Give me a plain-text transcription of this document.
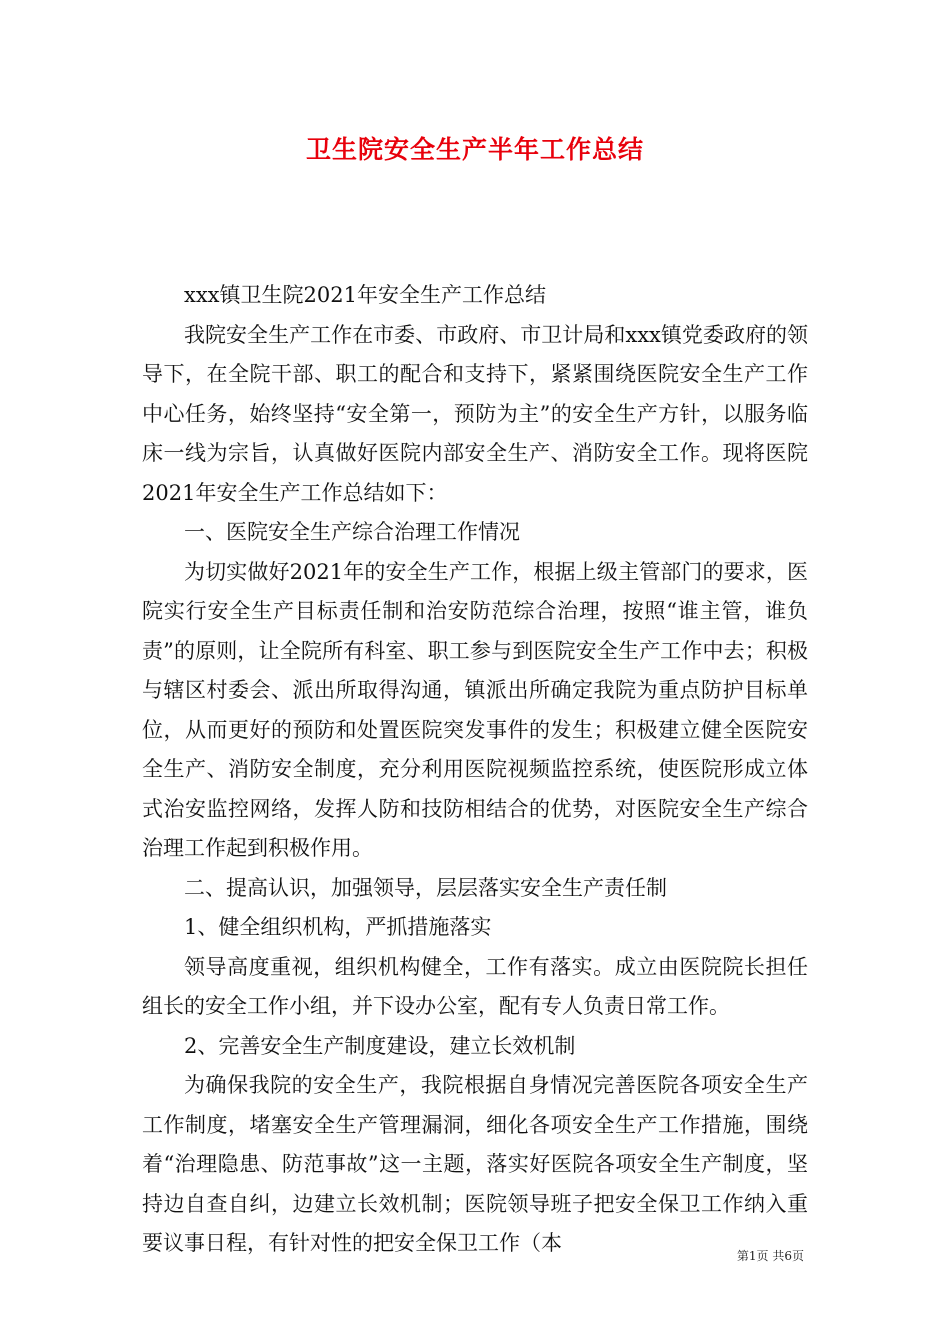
卫生院安全生产半年工作总结

xxx镇卫生院2021年安全生产工作总结

我院安全生产工作在市委、市政府、市卫计局和xxx镇党委政府的领导下，在全院干部、职工的配合和支持下，紧紧围绕医院安全生产工作中心任务，始终坚持“安全第一，预防为主”的安全生产方针，以服务临床一线为宗旨，认真做好医院内部安全生产、消防安全工作。现将医院2021年安全生产工作总结如下：

一、医院安全生产综合治理工作情况

为切实做好2021年的安全生产工作，根据上级主管部门的要求，医院实行安全生产目标责任制和治安防范综合治理，按照“谁主管，谁负责”的原则，让全院所有科室、职工参与到医院安全生产工作中去；积极与辖区村委会、派出所取得沟通，镇派出所确定我院为重点防护目标单位，从而更好的预防和处置医院突发事件的发生；积极建立健全医院安全生产、消防安全制度，充分利用医院视频监控系统，使医院形成立体式治安监控网络，发挥人防和技防相结合的优势，对医院安全生产综合治理工作起到积极作用。

二、提高认识，加强领导，层层落实安全生产责任制

1、健全组织机构，严抓措施落实

领导高度重视，组织机构健全，工作有落实。成立由医院院长担任组长的安全工作小组，并下设办公室，配有专人负责日常工作。

2、完善安全生产制度建设，建立长效机制

为确保我院的安全生产，我院根据自身情况完善医院各项安全生产工作制度，堵塞安全生产管理漏洞，细化各项安全生产工作措施，围绕着“治理隐患、防范事故”这一主题，落实好医院各项安全生产制度，坚持边自查自纠，边建立长效机制；医院领导班子把安全保卫工作纳入重要议事日程，有针对性的把安全保卫工作（本

第1页 共6页
